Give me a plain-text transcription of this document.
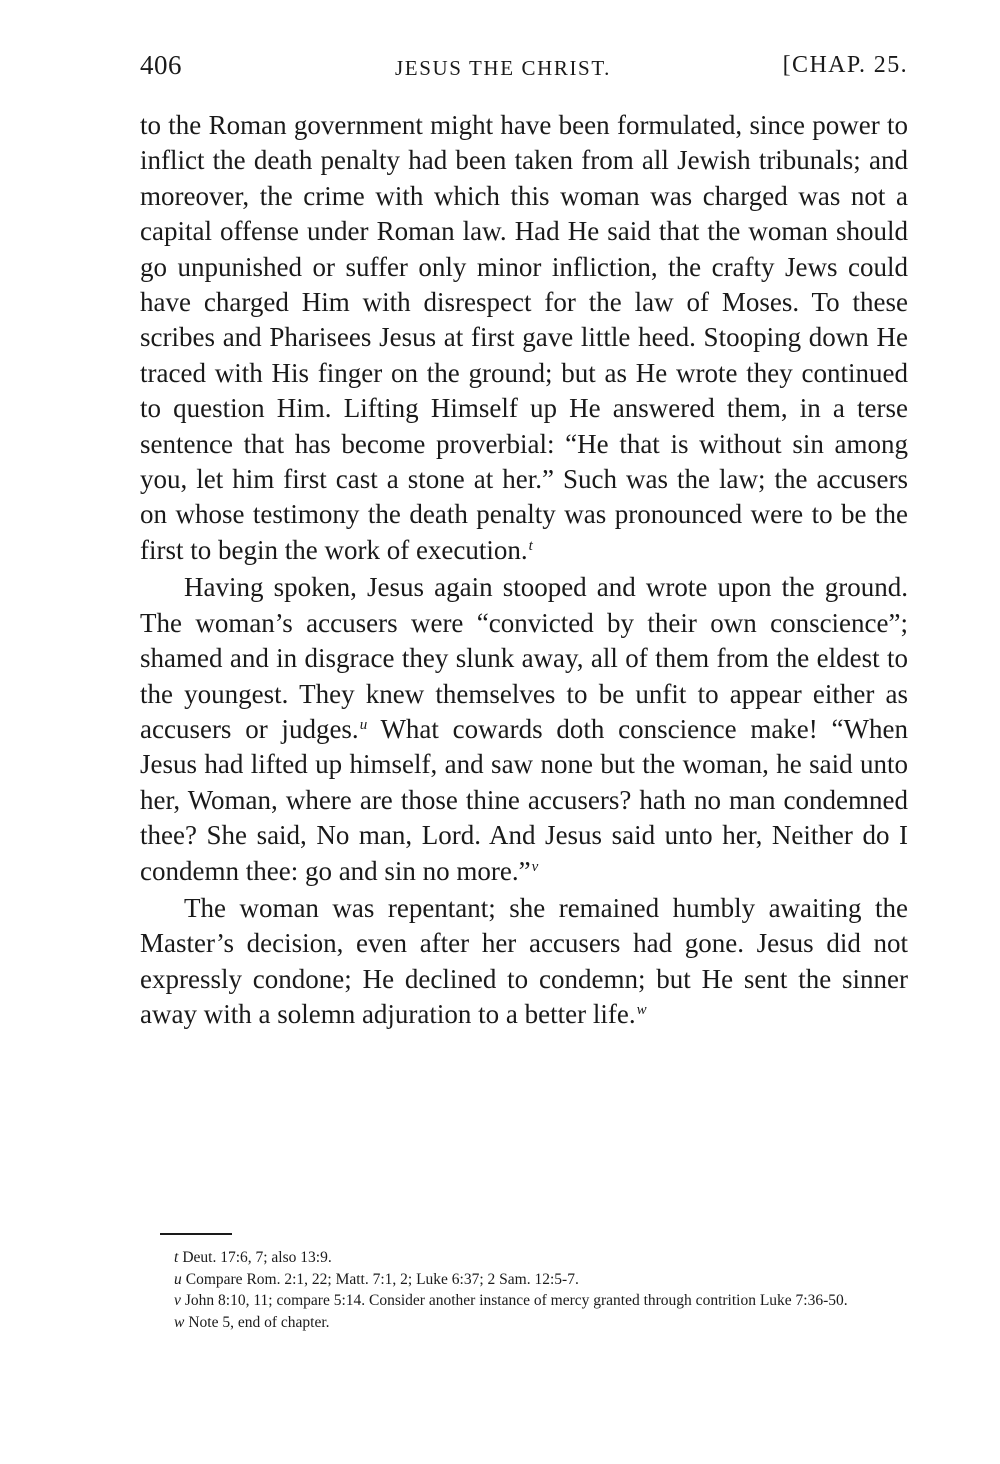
406	JESUS THE CHRIST.	[CHAP. 25.

to the Roman government might have been formulated, since power to inflict the death penalty had been taken from all Jewish tribunals; and moreover, the crime with which this woman was charged was not a capital offense under Roman law. Had He said that the woman should go unpunished or suffer only minor infliction, the crafty Jews could have charged Him with disrespect for the law of Moses. To these scribes and Pharisees Jesus at first gave little heed. Stooping down He traced with His finger on the ground; but as He wrote they continued to question Him. Lifting Himself up He answered them, in a terse sentence that has become proverbial: “He that is without sin among you, let him first cast a stone at her.” Such was the law; the accusers on whose testimony the death penalty was pronounced were to be the first to begin the work of execution.$^t$

Having spoken, Jesus again stooped and wrote upon the ground. The woman’s accusers were “convicted by their own conscience”; shamed and in disgrace they slunk away, all of them from the eldest to the youngest. They knew themselves to be unfit to appear either as accusers or judges.$^u$ What cowards doth conscience make! “When Jesus had lifted up himself, and saw none but the woman, he said unto her, Woman, where are those thine accusers? hath no man condemned thee? She said, No man, Lord. And Jesus said unto her, Neither do I condemn thee: go and sin no more.”$^v$

The woman was repentant; she remained humbly awaiting the Master’s decision, even after her accusers had gone. Jesus did not expressly condone; He declined to condemn; but He sent the sinner away with a solemn adjuration to a better life.$^w$

t Deut. 17:6, 7; also 13:9.

u Compare Rom. 2:1, 22; Matt. 7:1, 2; Luke 6:37; 2 Sam. 12:5-7.

v John 8:10, 11; compare 5:14. Consider another instance of mercy granted through contrition Luke 7:36-50.

w Note 5, end of chapter.
